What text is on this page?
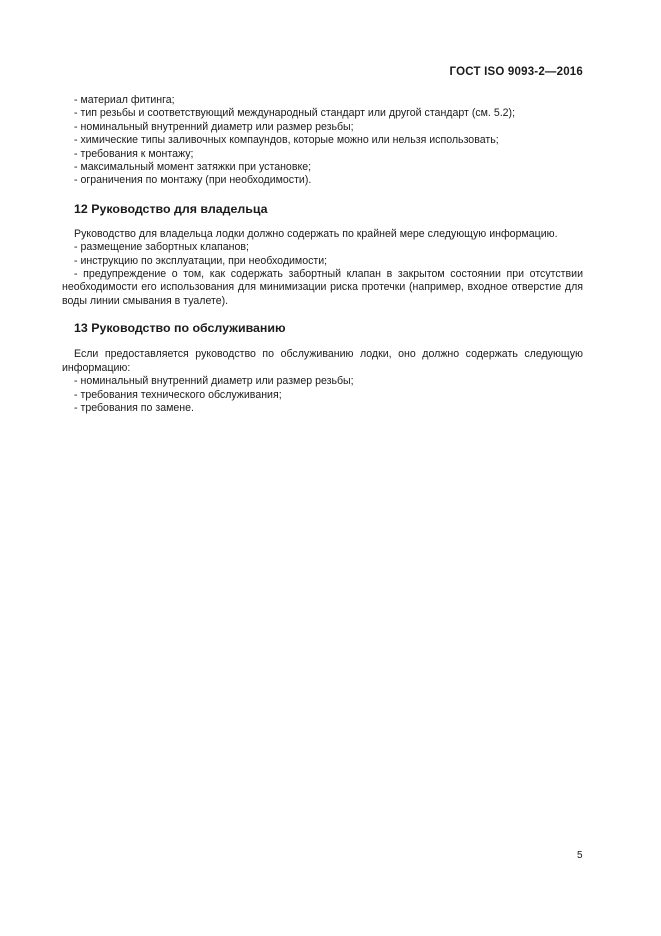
ГОСТ ISO 9093-2—2016
- материал фитинга;
- тип резьбы и соответствующий международный стандарт или другой стандарт (см. 5.2);
- номинальный внутренний диаметр или размер резьбы;
- химические типы заливочных компаундов, которые можно или нельзя использовать;
- требования к монтажу;
- максимальный момент затяжки при установке;
- ограничения по монтажу (при необходимости).
12 Руководство для владельца

Руководство для владельца лодки должно содержать по крайней мере следующую информацию.

- размещение забортных клапанов;
- инструкцию по эксплуатации, при необходимости;

- предупреждение о том, как содержать забортный клапан в закрытом состоянии при отсутствии необходимости его использования для минимизации риска протечки (например, входное отверстие для воды линии смывания в туалете).

13 Руководство по обслуживанию

Если предоставляется руководство по обслуживанию лодки, оно должно содержать следующую информацию:

- номинальный внутренний диаметр или размер резьбы;
- требования технического обслуживания;
- требования по замене.
5
